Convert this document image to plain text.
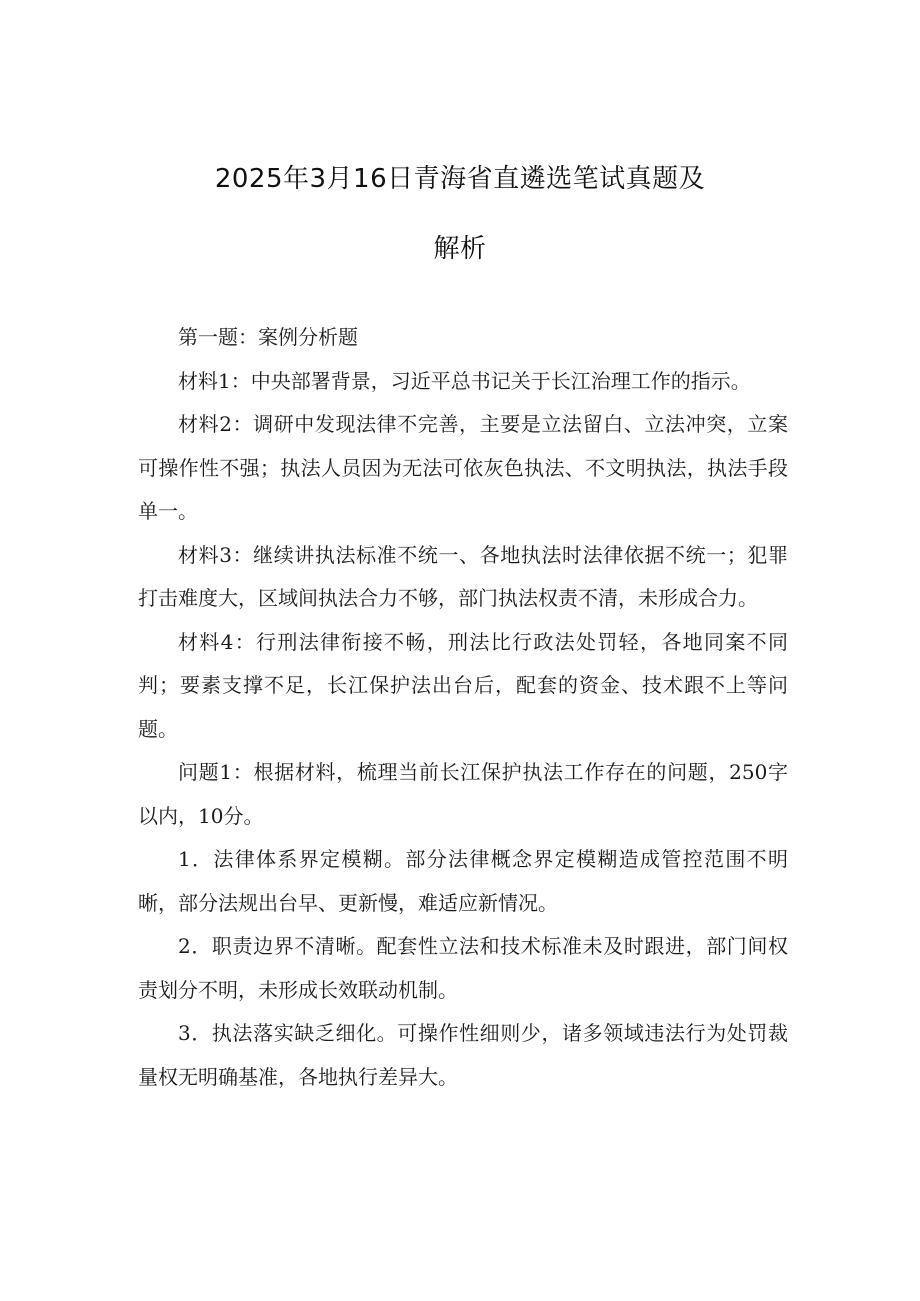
2025年3月16日青海省直遴选笔试真题及
解析

第一题：案例分析题

材料1：中央部署背景，习近平总书记关于长江治理工作的指示。

材料2：调研中发现法律不完善，主要是立法留白、立法冲突，立案可操作性不强；执法人员因为无法可依灰色执法、不文明执法，执法手段单一。

材料3：继续讲执法标准不统一、各地执法时法律依据不统一；犯罪打击难度大，区域间执法合力不够，部门执法权责不清，未形成合力。

材料4：行刑法律衔接不畅，刑法比行政法处罚轻，各地同案不同判；要素支撑不足，长江保护法出台后，配套的资金、技术跟不上等问题。

问题1：根据材料，梳理当前长江保护执法工作存在的问题，250字以内，10分。

1．法律体系界定模糊。部分法律概念界定模糊造成管控范围不明晰，部分法规出台早、更新慢，难适应新情况。

2．职责边界不清晰。配套性立法和技术标准未及时跟进，部门间权责划分不明，未形成长效联动机制。

3．执法落实缺乏细化。可操作性细则少，诸多领域违法行为处罚裁量权无明确基准，各地执行差异大。
